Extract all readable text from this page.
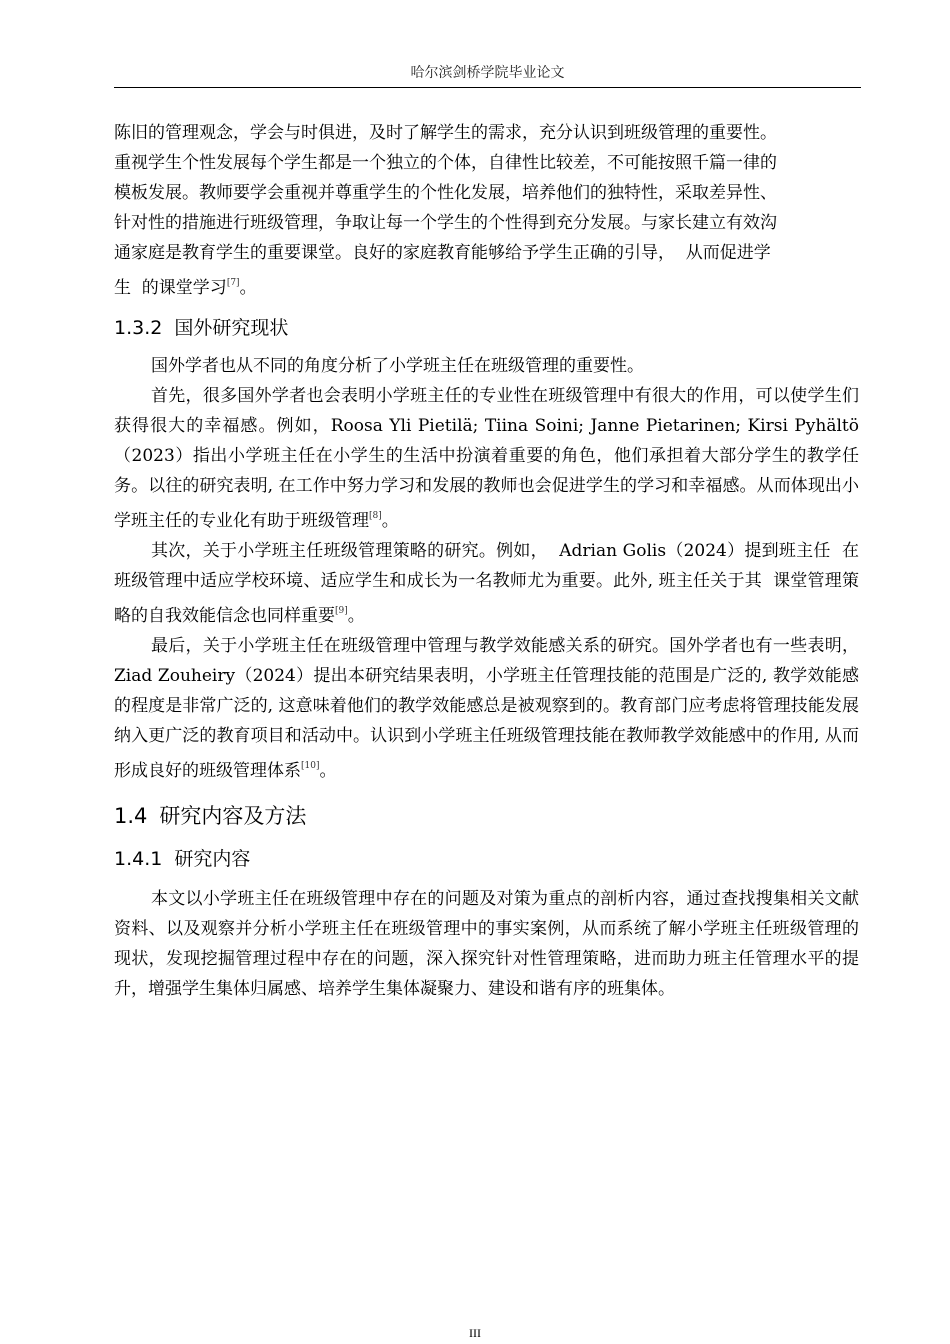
哈尔滨剑桥学院毕业论文

陈旧的管理观念，学会与时俱进，及时了解学生的需求，充分认识到班级管理的重要性。
重视学生个性发展每个学生都是一个独立的个体，自律性比较差，不可能按照千篇一律的
模板发展。教师要学会重视并尊重学生的个性化发展，培养他们的独特性，采取差异性、
针对性的措施进行班级管理，争取让每一个学生的个性得到充分发展。与家长建立有效沟
通家庭是教育学生的重要课堂。良好的家庭教育能够给予学生正确的引导，  从而促进学
生  的课堂学习[7]。

1.3.2 国外研究现状

国外学者也从不同的角度分析了小学班主任在班级管理的重要性。

首先，很多国外学者也会表明小学班主任的专业性在班级管理中有很大的作用，可以使学生们获得很大的幸福感。例如，Roosa Yli Pietilä; Tiina Soini; Janne Pietarinen; Kirsi Pyhältö（2023）指出小学班主任在小学生的生活中扮演着重要的角色，他们承担着大部分学生的教学任务。以往的研究表明, 在工作中努力学习和发展的教师也会促进学生的学习和幸福感。从而体现出小学班主任的专业化有助于班级管理[8]。

其次，关于小学班主任班级管理策略的研究。例如，  Adrian Golis（2024）提到班主任  在班级管理中适应学校环境、适应学生和成长为一名教师尤为重要。此外, 班主任关于其  课堂管理策略的自我效能信念也同样重要[9]。

最后，关于小学班主任在班级管理中管理与教学效能感关系的研究。国外学者也有一些表明，Ziad Zouheiry（2024）提出本研究结果表明，小学班主任管理技能的范围是广泛的, 教学效能感的程度是非常广泛的, 这意味着他们的教学效能感总是被观察到的。教育部门应考虑将管理技能发展纳入更广泛的教育项目和活动中。认识到小学班主任班级管理技能在教师教学效能感中的作用, 从而形成良好的班级管理体系[10]。

1.4 研究内容及方法
1.4.1 研究内容

本文以小学班主任在班级管理中存在的问题及对策为重点的剖析内容，通过查找搜集相关文献资料、以及观察并分析小学班主任在班级管理中的事实案例，从而系统了解小学班主任班级管理的现状，发现挖掘管理过程中存在的问题，深入探究针对性管理策略，进而助力班主任管理水平的提升，增强学生集体归属感、培养学生集体凝聚力、建设和谐有序的班集体。

III
